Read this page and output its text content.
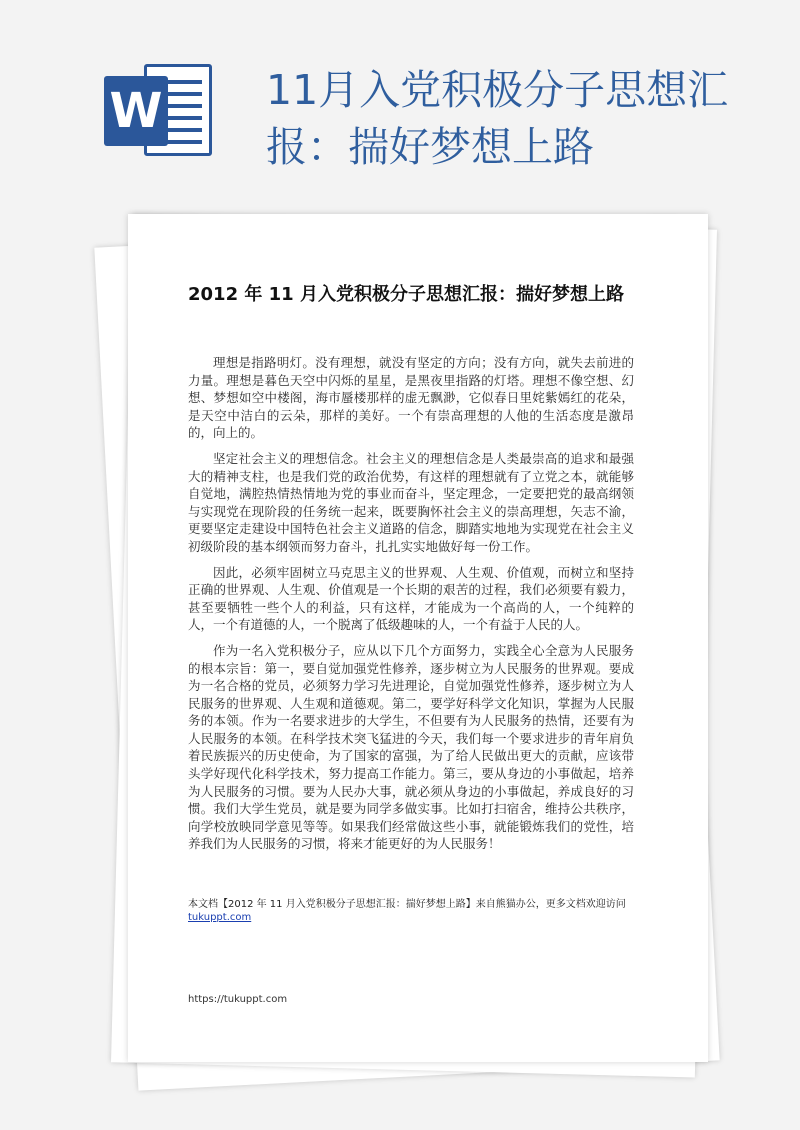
W	11月入党积极分子思想汇报：揣好梦想上路
2012 年 11 月入党积极分子思想汇报：揣好梦想上路

理想是指路明灯。没有理想，就没有坚定的方向；没有方向，就失去前进的力量。理想是暮色天空中闪烁的星星，是黑夜里指路的灯塔。理想不像空想、幻想、梦想如空中楼阁，海市蜃楼那样的虚无飘渺，它似春日里姹紫嫣红的花朵，是天空中洁白的云朵，那样的美好。一个有崇高理想的人他的生活态度是激昂的，向上的。

坚定社会主义的理想信念。社会主义的理想信念是人类最崇高的追求和最强大的精神支柱，也是我们党的政治优势，有这样的理想就有了立党之本，就能够自觉地，满腔热情热情地为党的事业而奋斗，坚定理念，一定要把党的最高纲领与实现党在现阶段的任务统一起来，既要胸怀社会主义的崇高理想，矢志不渝，更要坚定走建设中国特色社会主义道路的信念，脚踏实地地为实现党在社会主义初级阶段的基本纲领而努力奋斗，扎扎实实地做好每一份工作。

因此，必须牢固树立马克思主义的世界观、人生观、价值观，而树立和坚持正确的世界观、人生观、价值观是一个长期的艰苦的过程，我们必须要有毅力，甚至要牺牲一些个人的利益，只有这样，才能成为一个高尚的人，一个纯粹的人，一个有道德的人，一个脱离了低级趣味的人，一个有益于人民的人。

作为一名入党积极分子，应从以下几个方面努力，实践全心全意为人民服务的根本宗旨：第一，要自觉加强党性修养，逐步树立为人民服务的世界观。要成为一名合格的党员，必须努力学习先进理论，自觉加强党性修养，逐步树立为人民服务的世界观、人生观和道德观。第二，要学好科学文化知识，掌握为人民服务的本领。作为一名要求进步的大学生，不但要有为人民服务的热情，还要有为人民服务的本领。在科学技术突飞猛进的今天，我们每一个要求进步的青年肩负着民族振兴的历史使命，为了国家的富强，为了给人民做出更大的贡献，应该带头学好现代化科学技术，努力提高工作能力。第三，要从身边的小事做起，培养为人民服务的习惯。要为人民办大事，就必须从身边的小事做起，养成良好的习惯。我们大学生党员，就是要为同学多做实事。比如打扫宿舍，维持公共秩序，向学校放映同学意见等等。如果我们经常做这些小事，就能锻炼我们的党性，培养我们为人民服务的习惯，将来才能更好的为人民服务！

本文档【2012 年 11 月入党积极分子思想汇报：揣好梦想上路】来自熊猫办公，更多文档欢迎访问
tukuppt.com
https://tukuppt.com
